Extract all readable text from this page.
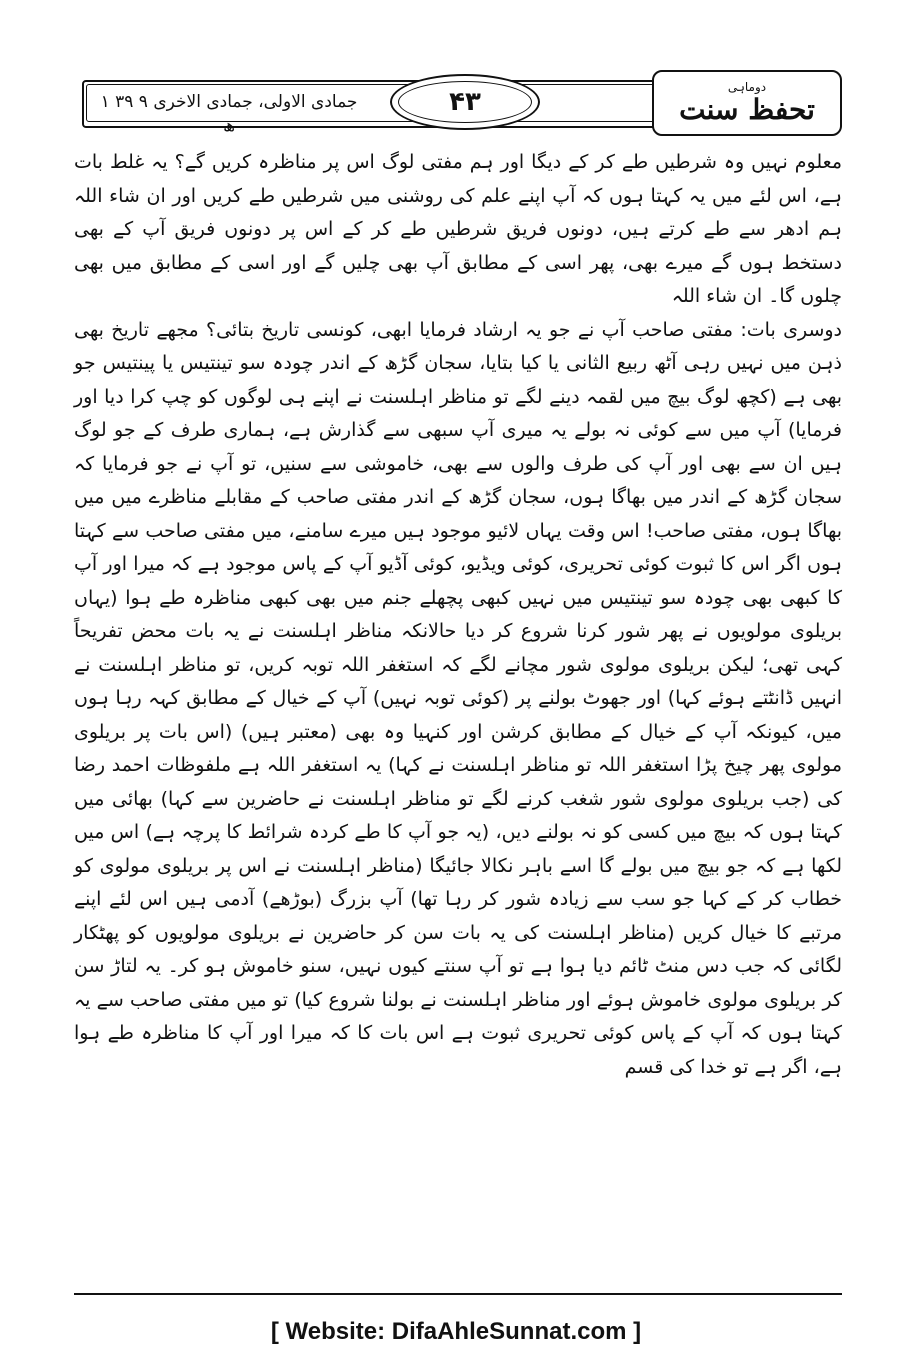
جمادی الاولی، جمادی الاخری ۹ ۳۹ ۱ ھ
۴۳	دوماہی
تحفظ سنت

معلوم نہیں وہ شرطیں طے کر کے دیگا اور ہم مفتی لوگ اس پر مناظرہ کریں گے؟ یہ غلط بات ہے، اس لئے میں یہ کہتا ہوں کہ آپ اپنے علم کی روشنی میں شرطیں طے کریں اور ان شاء اللہ ہم ادھر سے طے کرتے ہیں، دونوں فریق شرطیں طے کر کے اس پر دونوں فریق آپ کے بھی دستخط ہوں گے میرے بھی، پھر اسی کے مطابق آپ بھی چلیں گے اور اسی کے مطابق میں بھی چلوں گا۔ ان شاء اللہ

دوسری بات: مفتی صاحب آپ نے جو یہ ارشاد فرمایا ابھی، کونسی تاریخ بتائی؟ مجھے تاریخ بھی ذہن میں نہیں رہی آٹھ ربیع الثانی یا کیا بتایا، سجان گڑھ کے اندر چودہ سو تینتیس یا پینتیس جو بھی ہے (کچھ لوگ بیچ میں لقمہ دینے لگے تو مناظر اہلسنت نے اپنے ہی لوگوں کو چپ کرا دیا اور فرمایا) آپ میں سے کوئی نہ بولے یہ میری آپ سبھی سے گذارش ہے، ہماری طرف کے جو لوگ ہیں ان سے بھی اور آپ کی طرف والوں سے بھی، خاموشی سے سنیں، تو آپ نے جو فرمایا کہ سجان گڑھ کے اندر میں بھاگا ہوں، سجان گڑھ کے اندر مفتی صاحب کے مقابلے مناظرے میں میں بھاگا ہوں، مفتی صاحب! اس وقت یہاں لائیو موجود ہیں میرے سامنے، میں مفتی صاحب سے کہتا ہوں اگر اس کا ثبوت کوئی تحریری، کوئی ویڈیو، کوئی آڈیو آپ کے پاس موجود ہے کہ میرا اور آپ کا کبھی بھی چودہ سو تینتیس میں نہیں کبھی پچھلے جنم میں بھی کبھی مناظرہ طے ہوا (یہاں بریلوی مولویوں نے پھر شور کرنا شروع کر دیا حالانکہ مناظر اہلسنت نے یہ بات محض تفریحاً کہی تھی؛ لیکن بریلوی مولوی شور مچانے لگے کہ استغفر اللہ توبہ کریں، تو مناظر اہلسنت نے انہیں ڈانٹتے ہوئے کہا) اور جھوٹ بولنے پر (کوئی توبہ نہیں) آپ کے خیال کے مطابق کہہ رہا ہوں میں، کیونکہ آپ کے خیال کے مطابق کرشن اور کنہیا وہ بھی (معتبر ہیں) (اس بات پر بریلوی مولوی پھر چیخ پڑا استغفر اللہ تو مناظر اہلسنت نے کہا) یہ استغفر اللہ ہے ملفوظات احمد رضا کی (جب بریلوی مولوی شور شغب کرنے لگے تو مناظر اہلسنت نے حاضرین سے کہا) بھائی میں کہتا ہوں کہ بیچ میں کسی کو نہ بولنے دیں، (یہ جو آپ کا طے کردہ شرائط کا پرچہ ہے) اس میں لکھا ہے کہ جو بیچ میں بولے گا اسے باہر نکالا جائیگا (مناظر اہلسنت نے اس پر بریلوی مولوی کو خطاب کر کے کہا جو سب سے زیادہ شور کر رہا تھا) آپ بزرگ (بوڑھے) آدمی ہیں اس لئے اپنے مرتبے کا خیال کریں (مناظر اہلسنت کی یہ بات سن کر حاضرین نے بریلوی مولویوں کو پھٹکار لگائی کہ جب دس منٹ ٹائم دیا ہوا ہے تو آپ سنتے کیوں نہیں، سنو خاموش ہو کر۔ یہ لتاڑ سن کر بریلوی مولوی خاموش ہوئے اور مناظر اہلسنت نے بولنا شروع کیا) تو میں مفتی صاحب سے یہ کہتا ہوں کہ آپ کے پاس کوئی تحریری ثبوت ہے اس بات کا کہ میرا اور آپ کا مناظرہ طے ہوا ہے، اگر ہے تو خدا کی قسم

[ Website: DifaAhleSunnat.com ]
